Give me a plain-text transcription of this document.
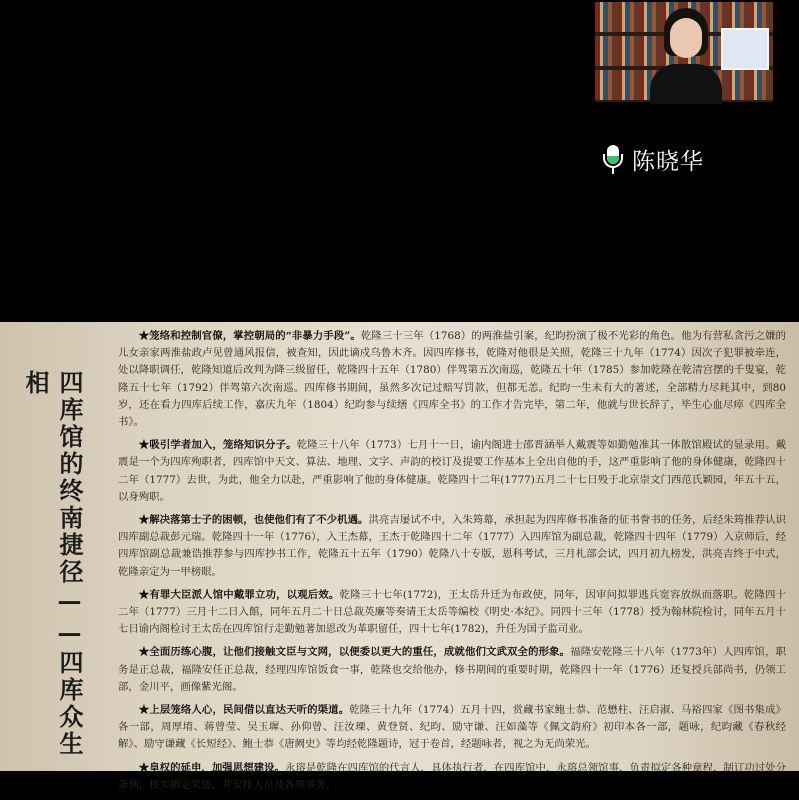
陈晓华
四库馆的终南捷径——四库众生相

★笼络和控制官僚，掌控朝局的“非暴力手段”。乾隆三十三年（1768）的两淮盐引案，纪昀扮演了极不光彩的角色。他为有营私贪污之嫌的儿女亲家两淮盐政卢见曾通风报信，被查知，因此谪戍乌鲁木齐。因四库修书，乾隆对他很是关照，乾隆三十九年（1774）因次子犯罪被牵连，处以降职调任，乾隆知道后改判为降三级留任，乾隆四十五年（1780）伴驾第五次南巡，乾隆五十年（1785）参加乾隆在乾清宫摆的千叟宴，乾隆五十七年（1792）伴驾第六次南巡。四库修书期间，虽然多次记过赔写罚款，但都无恙。纪昀一生未有大的著述，全部精力尽耗其中，到80岁，还在看力四库后续工作，嘉庆九年（1804）纪昀参与续缮《四库全书》的工作才告完毕，第二年，他就与世长辞了，毕生心血尽瘁《四库全书》。

★吸引学者加入，笼络知识分子。乾隆三十八年（1773）七月十一日，谕内阁进士邵晋涵举人戴震等如勤勉准其一体散馆殿试的显录用。戴震是一个为四库殉职者，四库馆中天文、算法、地理、文字、声韵的校订及提要工作基本上全出自他的手，这严重影响了他的身体健康，乾隆四十二年（1777）去世，为此，他全力以赴，严重影响了他的身体健康。乾隆四十二年(1777)五月二十七日殁于北京崇文门西范氏颖园，年五十五，以身殉职。

★解决落第士子的困顿，也使他们有了不少机遇。洪亮吉屡试不中，入朱筠幕，承担起为四库修书准备的征书誊书的任务，后经朱筠推荐认识四库副总裁彭元瑞。乾隆四十一年（1776），入王杰幕，王杰于乾隆四十二年（1777）入四库馆为副总裁，乾隆四十四年（1779）入京师后，经四库馆副总裁兼诰推荐参与四库抄书工作，乾隆五十五年（1790）乾隆八十专版，恩科考试，三月札部会试，四月初九榜发，洪亮吉终于中式，乾隆亲定为一甲榜眼。

★有罪大臣派人馆中戴罪立功，以观后效。乾隆三十七年(1772)，王太岳升迁为布政使，同年，因审问拟罪逃兵宽容放纵而落职。乾隆四十二年（1777）三月十二日入館，同年五月二十日总裁英廉等奏请王太岳等编校《明史·本纪》。同四十三年（1778）授为翰林院检讨，同年五月十七日谕内阁检讨王太岳在四库馆行走勤勉著加恩改为革职留任，四十七年(1782)，升任为国子监司业。

★全面历练心腹，让他们接触文臣与文网，以便委以更大的重任，成就他们文武双全的形象。福隆安乾隆三十八年（1773年）人四库馆，职务是正总裁，福隆安任正总裁，经理四库馆饭食一事，乾隆也交给他办，修书期间的重要时期，乾隆四十一年（1776）还复授兵部尚书，仍领工部，金川平，画像紫光阁。

★上层笼络人心，民间借以直达天听的渠道。乾隆三十九年（1774）五月十四，赏藏书家鲍士恭、范懋柱、汪启淑、马裕四家《图书集成》各一部，周厚堉、蒋曾莹、吴玉墀、孙仰曾、汪汝瑮、黄登贤、纪昀、励守谦、汪如藻等《佩文韵府》初印本各一部，题咏，纪昀藏《春秋经解》、励守谦藏《长短经》、鲍士恭《唐阙史》等均经乾隆题诗，冠于卷首，经题咏者，视之为无尚荣光。

★皇权的延申，加强思想建设。永瑢是乾隆在四库馆的代言人，具体执行者，在四库馆中，永瑢总领馆事，负责拟定各种章程，制订功过处分条例，核实确定奖惩，并安排人员及各项事务。
